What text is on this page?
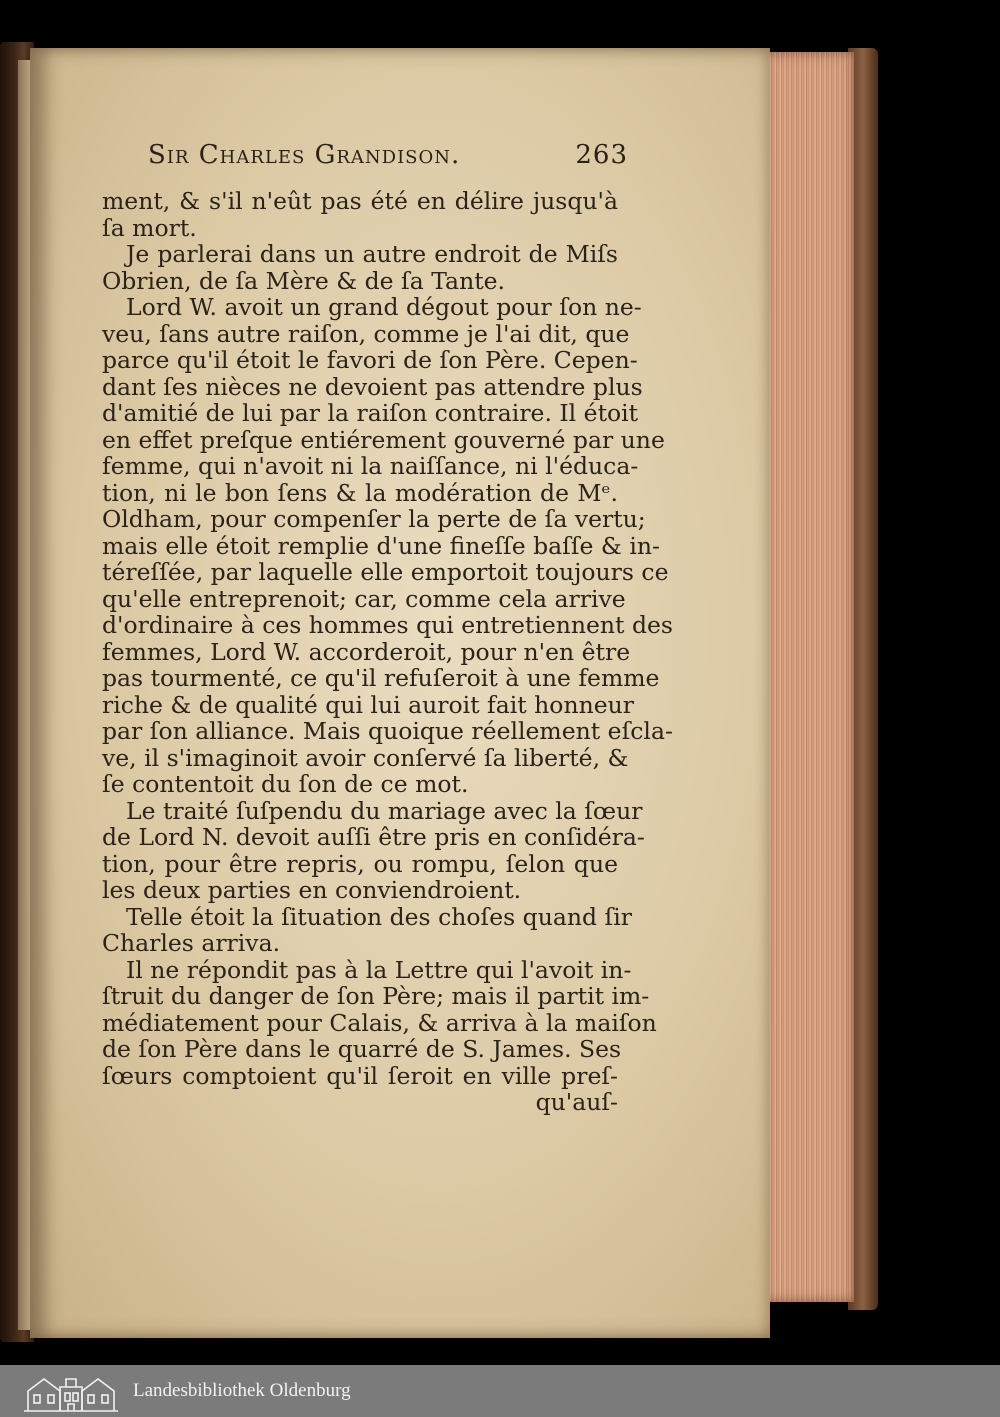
Sir Charles Grandison.	263
ment, & s'il n'eût pas été en délire jusqu'à
ſa mort.
Je parlerai dans un autre endroit de Miſs
Obrien, de ſa Mère & de ſa Tante.
Lord W. avoit un grand dégout pour ſon ne-
veu, ſans autre raiſon, comme je l'ai dit, que
parce qu'il étoit le favori de ſon Père. Cepen-
dant ſes nièces ne devoient pas attendre plus
d'amitié de lui par la raiſon contraire. Il étoit
en effet preſque entiérement gouverné par une
femme, qui n'avoit ni la naiſſance, ni l'éduca-
tion, ni le bon ſens & la modération de Mᵉ.
Oldham, pour compenſer la perte de ſa vertu;
mais elle étoit remplie d'une fineſſe baſſe & in-
téreſſée, par laquelle elle emportoit toujours ce
qu'elle entreprenoit; car, comme cela arrive
d'ordinaire à ces hommes qui entretiennent des
femmes, Lord W. accorderoit, pour n'en être
pas tourmenté, ce qu'il refuſeroit à une femme
riche & de qualité qui lui auroit fait honneur
par ſon alliance. Mais quoique réellement eſcla-
ve, il s'imaginoit avoir conſervé ſa liberté, &
ſe contentoit du ſon de ce mot.
Le traité ſuſpendu du mariage avec la ſœur
de Lord N. devoit auſſi être pris en conſidéra-
tion, pour être repris, ou rompu, ſelon que
les deux parties en conviendroient.
Telle étoit la ſituation des choſes quand ſir
Charles arriva.
Il ne répondit pas à la Lettre qui l'avoit in-
ſtruit du danger de ſon Père; mais il partit im-
médiatement pour Calais, & arriva à la maiſon
de ſon Père dans le quarré de S. James. Ses
ſœurs comptoient qu'il ſeroit en ville preſ-
qu'auſ-
Landesbibliothek Oldenburg
